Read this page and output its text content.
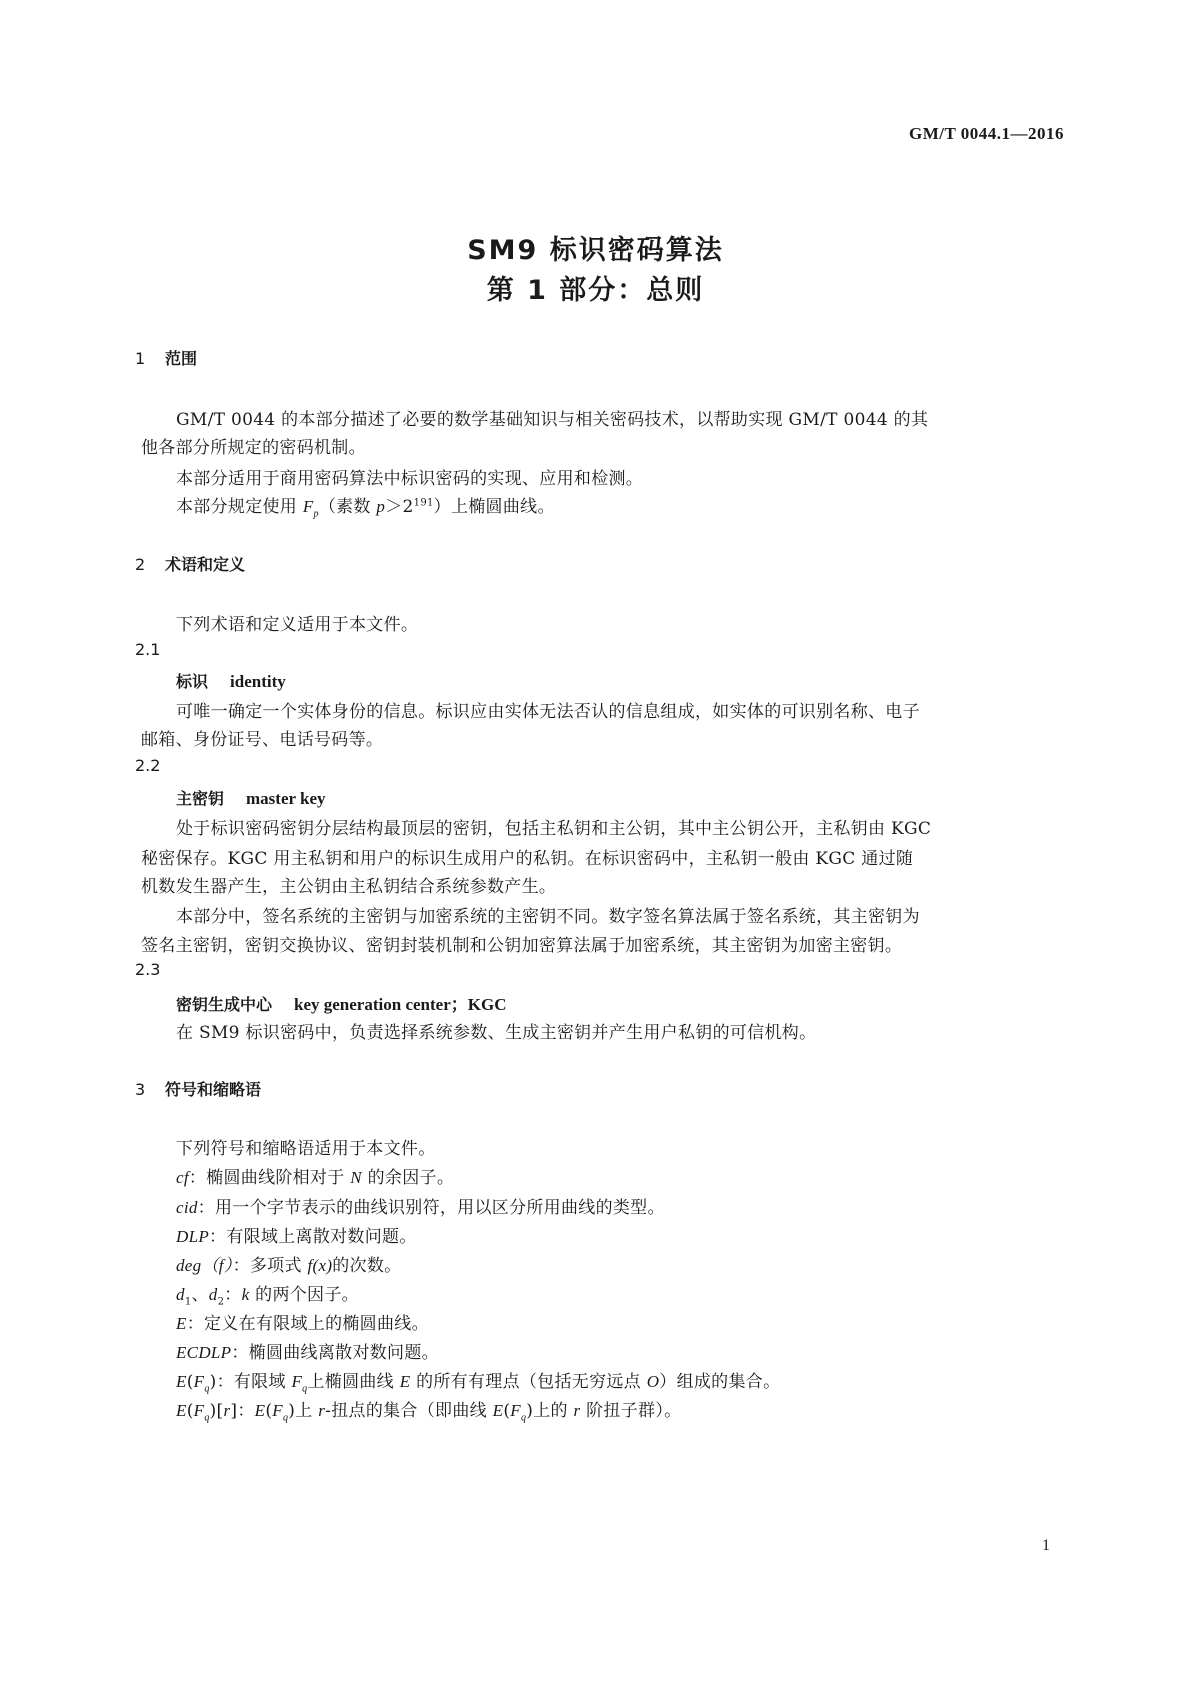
GM/T 0044.1—2016
SM9 标识密码算法
第 1 部分：总则
1 范围
GM/T 0044 的本部分描述了必要的数学基础知识与相关密码技术，以帮助实现 GM/T 0044 的其
他各部分所规定的密码机制。
本部分适用于商用密码算法中标识密码的实现、应用和检测。
本部分规定使用 $F_p$（素数 $p>2^{191}$）上椭圆曲线。
2 术语和定义
下列术语和定义适用于本文件。
2.1
标识 identity
可唯一确定一个实体身份的信息。标识应由实体无法否认的信息组成，如实体的可识别名称、电子
邮箱、身份证号、电话号码等。
2.2
主密钥 master key
处于标识密码密钥分层结构最顶层的密钥，包括主私钥和主公钥，其中主公钥公开，主私钥由 KGC
秘密保存。KGC 用主私钥和用户的标识生成用户的私钥。在标识密码中，主私钥一般由 KGC 通过随
机数发生器产生，主公钥由主私钥结合系统参数产生。
本部分中，签名系统的主密钥与加密系统的主密钥不同。数字签名算法属于签名系统，其主密钥为
签名主密钥，密钥交换协议、密钥封装机制和公钥加密算法属于加密系统，其主密钥为加密主密钥。
2.3
密钥生成中心 key generation center；KGC
在 SM9 标识密码中，负责选择系统参数、生成主密钥并产生用户私钥的可信机构。
3 符号和缩略语
下列符号和缩略语适用于本文件。
cf：椭圆曲线阶相对于 N 的余因子。
cid：用一个字节表示的曲线识别符，用以区分所用曲线的类型。
DLP：有限域上离散对数问题。
deg（f）：多项式 f(x)的次数。
$d_1$、$d_2$：k 的两个因子。
E：定义在有限域上的椭圆曲线。
ECDLP：椭圆曲线离散对数问题。
$E(F_q)$：有限域 $F_q$上椭圆曲线 E 的所有有理点（包括无穷远点 O）组成的集合。
$E(F_q)[r]$：$E(F_q)$上 r-扭点的集合（即曲线 $E(F_q)$上的 r 阶扭子群）。
1
